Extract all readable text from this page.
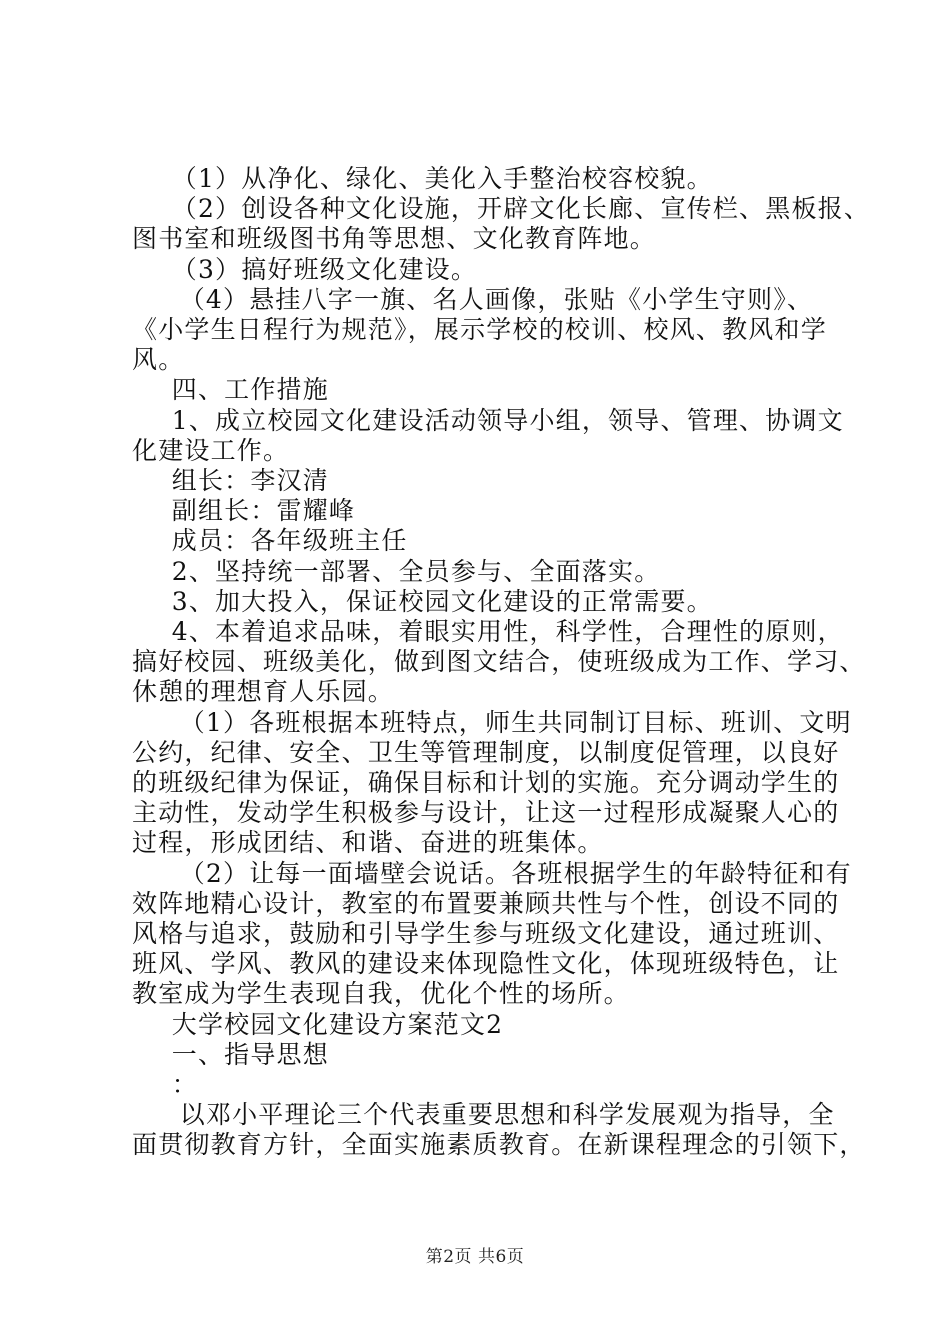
（1）从净化、绿化、美化入手整治校容校貌。
（2）创设各种文化设施，开辟文化长廊、宣传栏、黑板报、
图书室和班级图书角等思想、文化教育阵地。
（3）搞好班级文化建设。
（4）悬挂八字一旗、名人画像，张贴《小学生守则》、
《小学生日程行为规范》，展示学校的校训、校风、教风和学
风。
四、工作措施
1、成立校园文化建设活动领导小组，领导、管理、协调文
化建设工作。
组长：李汉清
副组长：雷耀峰
成员：各年级班主任
2、坚持统一部署、全员参与、全面落实。
3、加大投入，保证校园文化建设的正常需要。
4、本着追求品味，着眼实用性，科学性，合理性的原则，
搞好校园、班级美化，做到图文结合，使班级成为工作、学习、
休憩的理想育人乐园。
（1）各班根据本班特点，师生共同制订目标、班训、文明
公约，纪律、安全、卫生等管理制度，以制度促管理，以良好
的班级纪律为保证，确保目标和计划的实施。充分调动学生的
主动性，发动学生积极参与设计，让这一过程形成凝聚人心的
过程，形成团结、和谐、奋进的班集体。
（2）让每一面墙壁会说话。各班根据学生的年龄特征和有
效阵地精心设计，教室的布置要兼顾共性与个性，创设不同的
风格与追求，鼓励和引导学生参与班级文化建设，通过班训、
班风、学风、教风的建设来体现隐性文化，体现班级特色，让
教室成为学生表现自我，优化个性的场所。
大学校园文化建设方案范文2
一、指导思想
：
以邓小平理论三个代表重要思想和科学发展观为指导，全
面贯彻教育方针，全面实施素质教育。在新课程理念的引领下，
第2页 共6页
